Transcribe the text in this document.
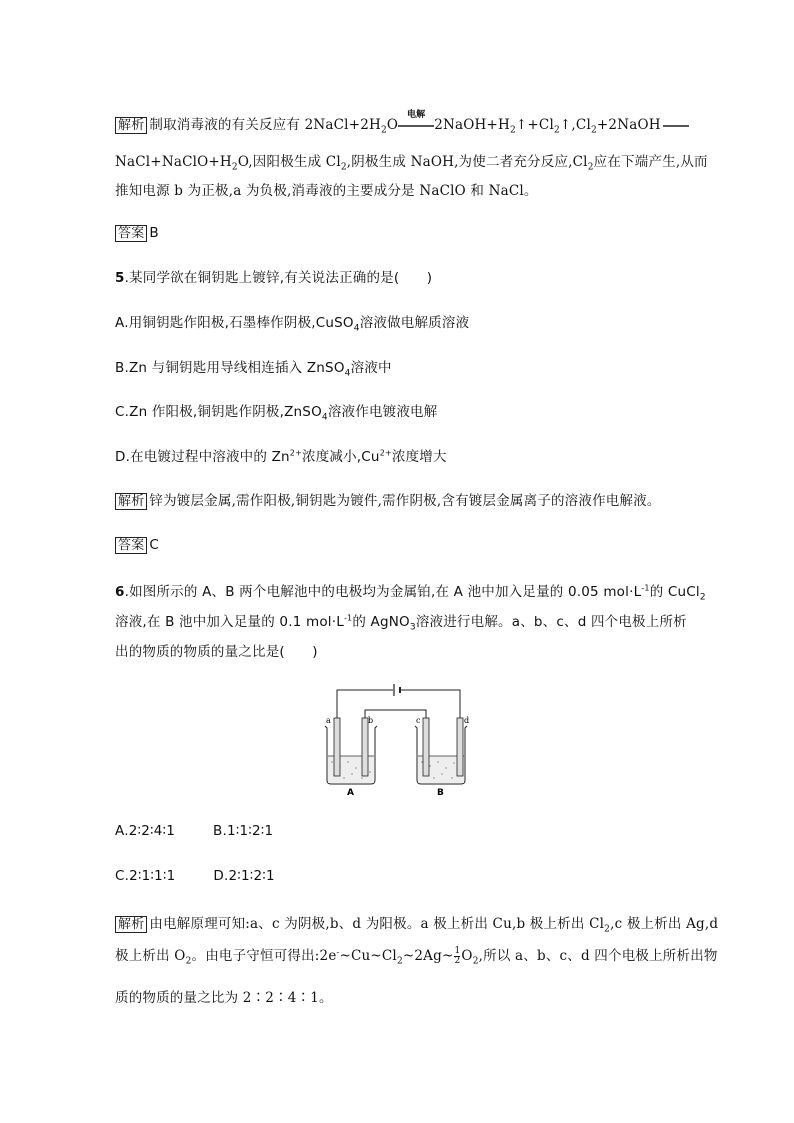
解析 制取消毒液的有关反应有 $2NaCl+2H_2O$
电解
$2NaOH+H_2↑+Cl_2↑,Cl_2+2NaOH$
$NaCl+NaClO+H_2O$,因阳极生成 $Cl_2$,阴极生成 NaOH,为使二者充分反应$,Cl_2$应在下端产生,从而
推知电源 b 为正极,a 为负极,消毒液的主要成分是 NaClO 和 NaCl。
答案 B
5.某同学欲在铜钥匙上镀锌,有关说法正确的是(　　)
A.用铜钥匙作阳极,石墨棒作阴极,CuSO$_4$溶液做电解质溶液
B.Zn 与铜钥匙用导线相连插入 ZnSO$_4$溶液中
C.Zn 作阳极,铜钥匙作阴极,ZnSO$_4$溶液作电镀液电解
D.在电镀过程中溶液中的 $Zn^{2+}$浓度减小$,Cu^{2+}$浓度增大
解析 锌为镀层金属,需作阳极,铜钥匙为镀件,需作阴极,含有镀层金属离子的溶液作电解液。
答案 C
6.如图所示的 A、B 两个电解池中的电极均为金属铂,在 A 池中加入足量的 0.05 $mol\cdot L^{-1}$的 CuCl$_2$
溶液,在 B 池中加入足量的 0.1 $mol\cdot L^{-1}$的 AgNO$_3$溶液进行电解。a、b、c、d 四个电极上所析
出的物质的物质的量之比是(　　)
a	b	c	d
A	B
A.2∶2∶4∶1	B.1∶1∶2∶1
C.2∶1∶1∶1	D.2∶1∶2∶1
解析 由电解原理可知:a、c 为阴极,b、d 为阳极。a 极上析出 Cu,b 极上析出 $Cl_2,c$ 极上析出 Ag,d
极上析出 $O_2$。由电子守恒可得出$:2e^-\sim Cu\sim Cl_2\sim 2Ag\sim \frac{1}{2} O_2$,所以 a、b、c、d 四个电极上所析出物
质的物质的量之比为 2∶2∶4∶1。
